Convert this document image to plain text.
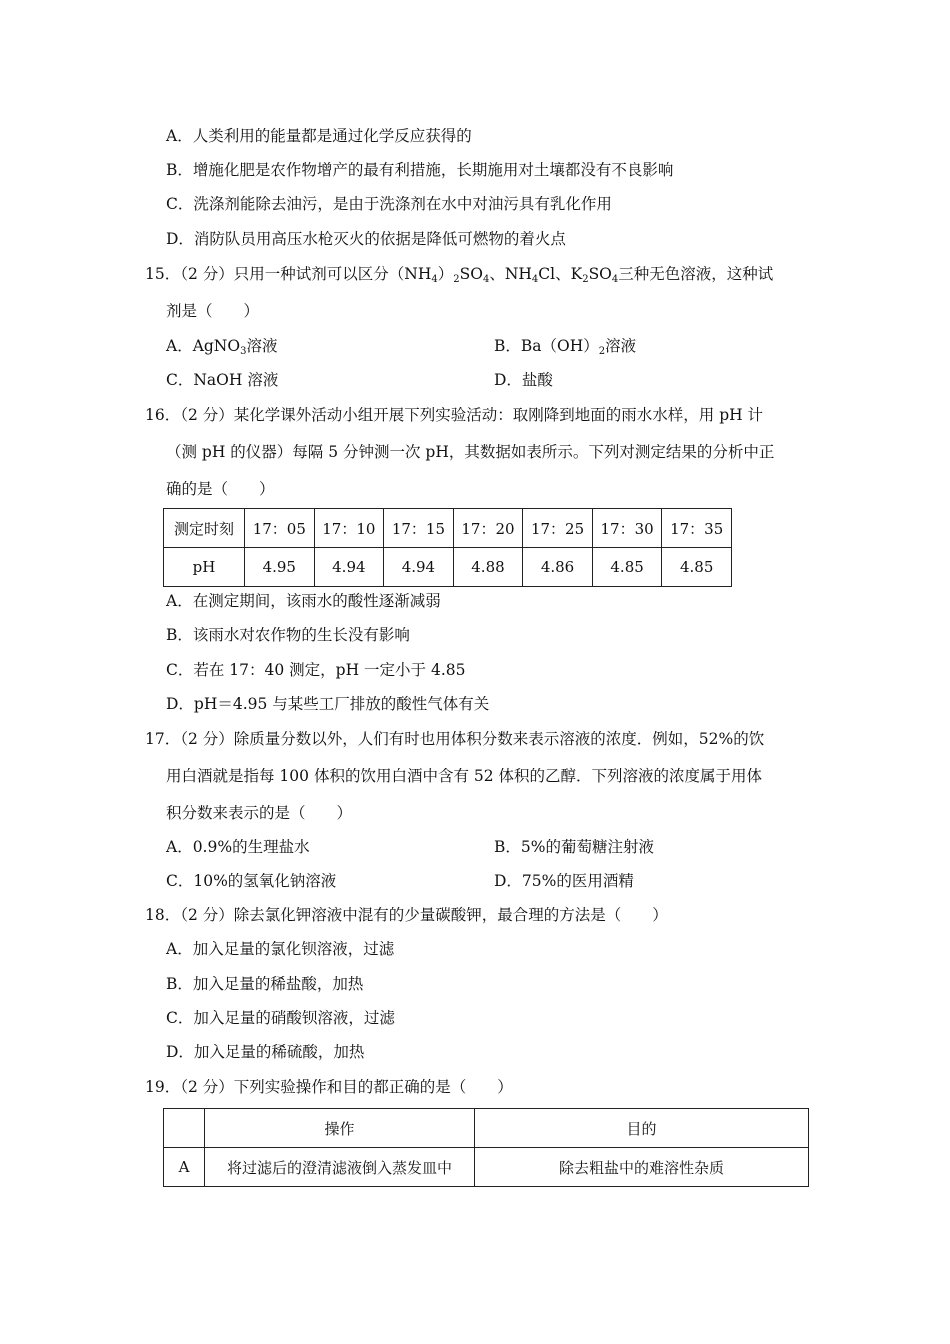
A．人类利用的能量都是通过化学反应获得的
B．增施化肥是农作物增产的最有利措施，长期施用对土壤都没有不良影响
C．洗涤剂能除去油污，是由于洗涤剂在水中对油污具有乳化作用
D．消防队员用高压水枪灭火的依据是降低可燃物的着火点
15．（2 分）只用一种试剂可以区分$(NH_4)_2SO_4$、$NH_4Cl$、$K_2SO_4$三种无色溶液，这种试
剂是（　　）
A．AgNO$_3$溶液	B．$Ba(OH)_2$溶液
C．NaOH 溶液	D．盐酸
16．（2 分）某化学课外活动小组开展下列实验活动：取刚降到地面的雨水水样，用 pH 计
（测 pH 的仪器）每隔 5 分钟测一次 pH，其数据如表所示。下列对测定结果的分析中正
确的是（　　）
测定时刻	17：05	17：10	17：15	17：20	17：25	17：30	17：35
pH	4.95	4.94	4.94	4.88	4.86	4.85	4.85
A．在测定期间，该雨水的酸性逐渐减弱
B．该雨水对农作物的生长没有影响
C．若在 17：40 测定，pH 一定小于 4.85
D．pH＝4.95 与某些工厂排放的酸性气体有关
17．（2 分）除质量分数以外，人们有时也用体积分数来表示溶液的浓度．例如，52%的饮
用白酒就是指每 100 体积的饮用白酒中含有 52 体积的乙醇．下列溶液的浓度属于用体
积分数来表示的是（　　）
A．0.9%的生理盐水	B．5%的葡萄糖注射液
C．10%的氢氧化钠溶液	D．75%的医用酒精
18．（2 分）除去氯化钾溶液中混有的少量碳酸钾，最合理的方法是（　　）
A．加入足量的氯化钡溶液，过滤
B．加入足量的稀盐酸，加热
C．加入足量的硝酸钡溶液，过滤
D．加入足量的稀硫酸，加热
19．（2 分）下列实验操作和目的都正确的是（　　）
	操作	目的
A	将过滤后的澄清滤液倒入蒸发皿中	除去粗盐中的难溶性杂质
